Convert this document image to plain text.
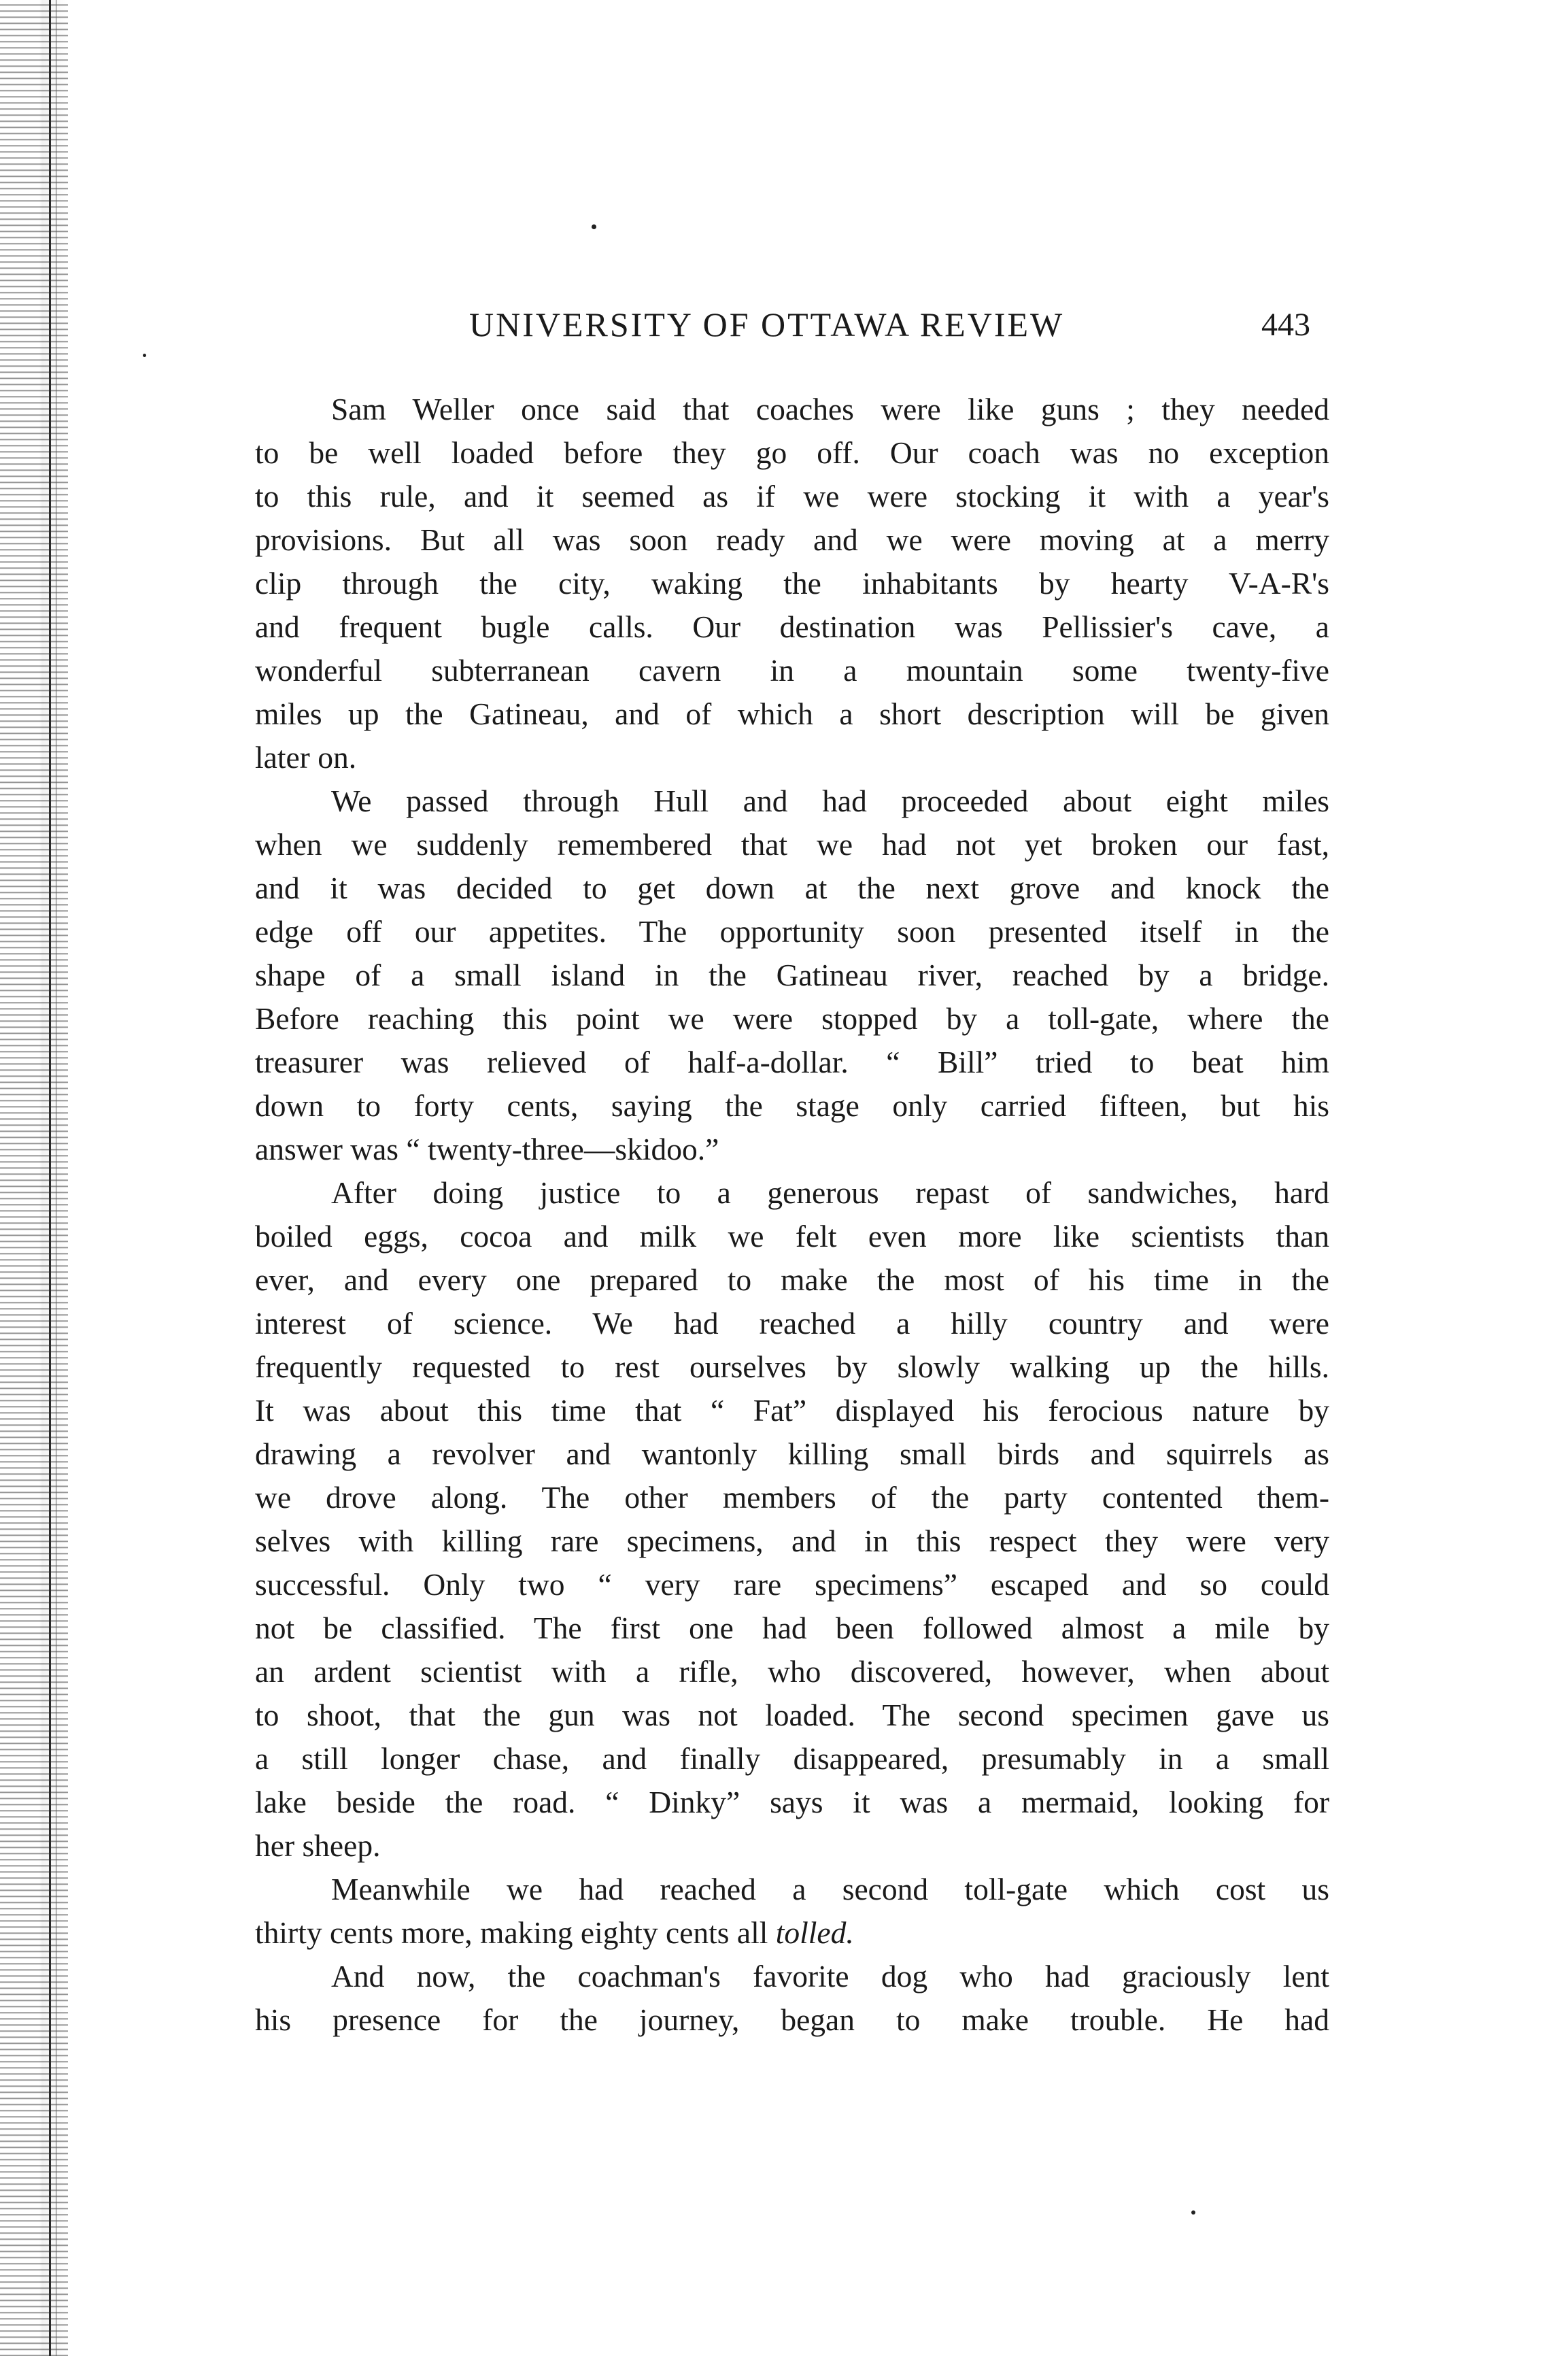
UNIVERSITY OF OTTAWA REVIEW	443

Sam Weller once said that coaches were like guns ; they needed
to be well loaded before they go off. Our coach was no exception
to this rule, and it seemed as if we were stocking it with a year's
provisions. But all was soon ready and we were moving at a merry
clip through the city, waking the inhabitants by hearty V-A-R's
and frequent bugle calls. Our destination was Pellissier's cave, a
wonderful subterranean cavern in a mountain some twenty-five
miles up the Gatineau, and of which a short description will be given
later on.

We passed through Hull and had proceeded about eight miles
when we suddenly remembered that we had not yet broken our fast,
and it was decided to get down at the next grove and knock the
edge off our appetites. The opportunity soon presented itself in the
shape of a small island in the Gatineau river, reached by a bridge.
Before reaching this point we were stopped by a toll-gate, where the
treasurer was relieved of half-a-dollar. “ Bill” tried to beat him
down to forty cents, saying the stage only carried fifteen, but his
answer was “ twenty-three—skidoo.”

After doing justice to a generous repast of sandwiches, hard
boiled eggs, cocoa and milk we felt even more like scientists than
ever, and every one prepared to make the most of his time in the
interest of science. We had reached a hilly country and were
frequently requested to rest ourselves by slowly walking up the hills.
It was about this time that “ Fat” displayed his ferocious nature by
drawing a revolver and wantonly killing small birds and squirrels as
we drove along. The other members of the party contented them-
selves with killing rare specimens, and in this respect they were very
successful. Only two “ very rare specimens” escaped and so could
not be classified. The first one had been followed almost a mile by
an ardent scientist with a rifle, who discovered, however, when about
to shoot, that the gun was not loaded. The second specimen gave us
a still longer chase, and finally disappeared, presumably in a small
lake beside the road. “ Dinky” says it was a mermaid, looking for
her sheep.

Meanwhile we had reached a second toll-gate which cost us
thirty cents more, making eighty cents all tolled.

And now, the coachman's favorite dog who had graciously lent
his presence for the journey, began to make trouble. He had
